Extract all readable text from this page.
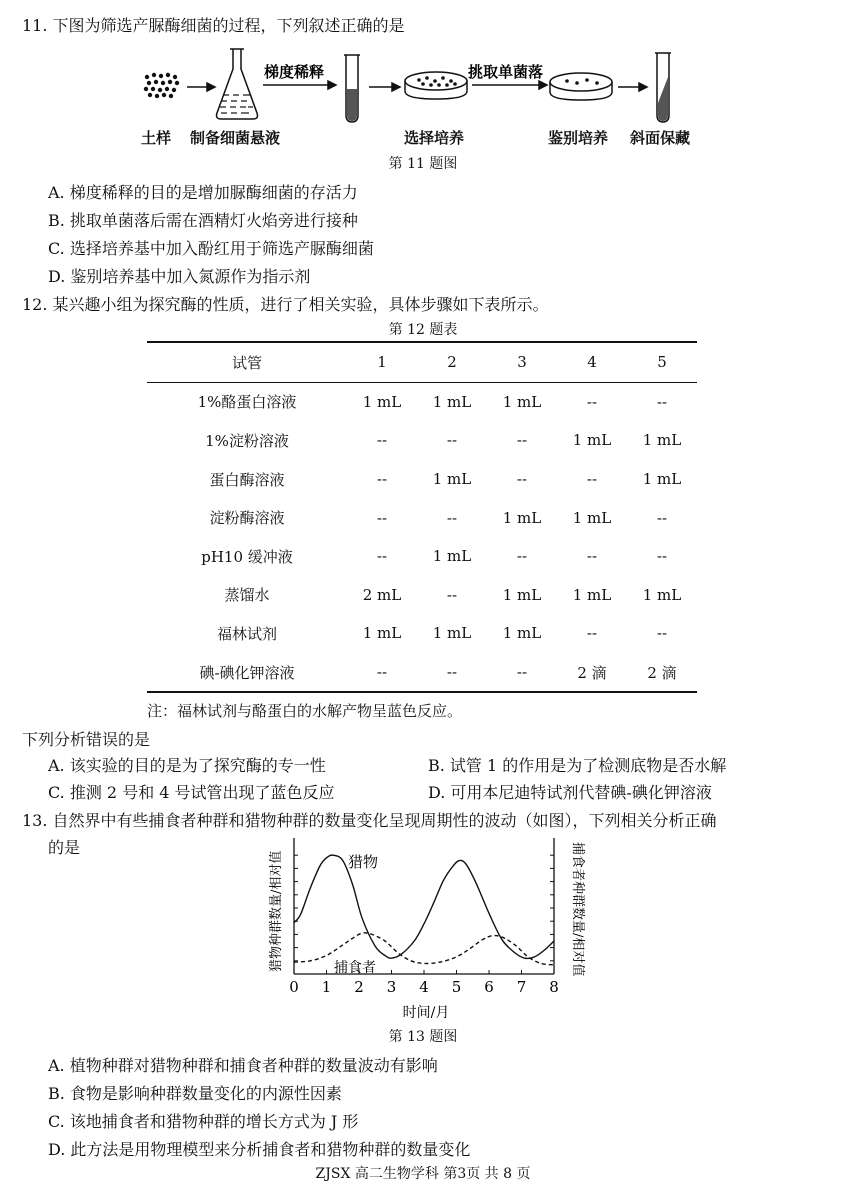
11. 下图为筛选产脲酶细菌的过程，下列叙述正确的是
梯度稀释	挑取单菌落
土样 制备细菌悬液	选择培养	鉴别培养 斜面保藏
第 11 题图
A. 梯度稀释的目的是增加脲酶细菌的存活力
B. 挑取单菌落后需在酒精灯火焰旁进行接种
C. 选择培养基中加入酚红用于筛选产脲酶细菌
D. 鉴别培养基中加入氮源作为指示剂
12. 某兴趣小组为探究酶的性质，进行了相关实验，具体步骤如下表所示。
第 12 题表
试管	1	2	3	4	5
1%酪蛋白溶液	1 mL	1 mL	1 mL	--	--
1%淀粉溶液	--	--	--	1 mL	1 mL
蛋白酶溶液	--	1 mL	--	--	1 mL
淀粉酶溶液	--	--	1 mL	1 mL	--
pH10 缓冲液	--	1 mL	--	--	--
蒸馏水	2 mL	--	1 mL	1 mL	1 mL
福林试剂	1 mL	1 mL	1 mL	--	--
碘-碘化钾溶液	--	--	--	2 滴	2 滴
注：福林试剂与酪蛋白的水解产物呈蓝色反应。
下列分析错误的是
A. 该实验的目的是为了探究酶的专一性	B. 试管 1 的作用是为了检测底物是否水解
C. 推测 2 号和 4 号试管出现了蓝色反应	D. 可用本尼迪特试剂代替碘-碘化钾溶液
13. 自然界中有些捕食者种群和猎物种群的数量变化呈现周期性的波动（如图），下列相关分析正确
的是
0 1 2 3 4 5 6 7 8
猎物
捕食者
猎物种群数量/相对值	捕食者种群数量/相对值
时间/月
第 13 题图
A. 植物种群对猎物种群和捕食者种群的数量波动有影响
B. 食物是影响种群数量变化的内源性因素
C. 该地捕食者和猎物种群的增长方式为 J 形
D. 此方法是用物理模型来分析捕食者和猎物种群的数量变化
ZJSX 高二生物学科 第3页 共 8 页
